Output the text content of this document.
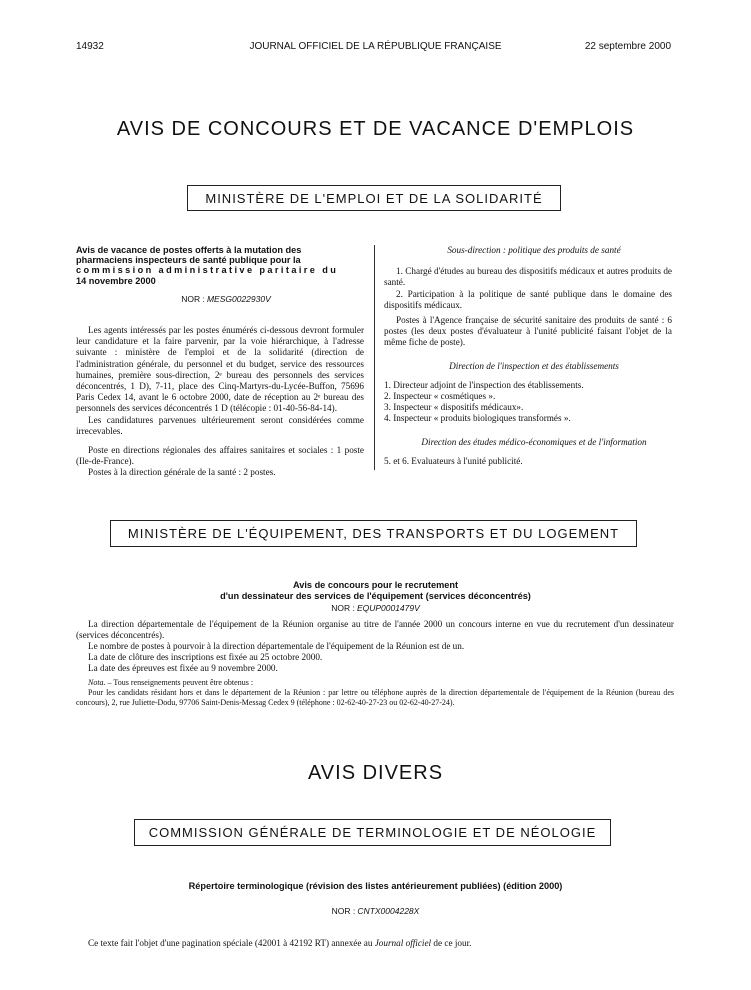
14932	JOURNAL OFFICIEL DE LA RÉPUBLIQUE FRANÇAISE	22 septembre 2000
AVIS DE CONCOURS ET DE VACANCE D'EMPLOIS
MINISTÈRE DE L'EMPLOI ET DE LA SOLIDARITÉ

Avis de vacance de postes offerts à la mutation des

pharmaciens inspecteurs de santé publique pour la

commission administrative paritaire du

14 novembre 2000

NOR : MESG0022930V

Les agents intéressés par les postes énumérés ci-dessous devront formuler leur candidature et la faire parvenir, par la voie hiérarchique, à l'adresse suivante : ministère de l'emploi et de la solidarité (direction de l'administration générale, du personnel et du budget, service des ressources humaines, première sous-direction, 2ᵉ bureau des personnels des services déconcentrés, 1 D), 7-11, place des Cinq-Martyrs-du-Lycée-Buffon, 75696 Paris Cedex 14, avant le 6 octobre 2000, date de réception au 2ᵉ bureau des personnels des services déconcentrés 1 D (télécopie : 01-40-56-84-14).

Les candidatures parvenues ultérieurement seront considérées comme irrecevables.

Poste en directions régionales des affaires sanitaires et sociales : 1 poste (Ile-de-France).

Postes à la direction générale de la santé : 2 postes.

Sous-direction : politique des produits de santé

1. Chargé d'études au bureau des dispositifs médicaux et autres produits de santé.

2. Participation à la politique de santé publique dans le domaine des dispositifs médicaux.

Postes à l'Agence française de sécurité sanitaire des produits de santé : 6 postes (les deux postes d'évaluateur à l'unité publicité faisant l'objet de la même fiche de poste).

Direction de l'inspection et des établissements

1. Directeur adjoint de l'inspection des établissements.

2. Inspecteur « cosmétiques ».

3. Inspecteur « dispositifs médicaux».

4. Inspecteur « produits biologiques transformés ».

Direction des études médico-économiques et de l'information

5. et 6. Evaluateurs à l'unité publicité.

MINISTÈRE DE L'ÉQUIPEMENT, DES TRANSPORTS ET DU LOGEMENT
Avis de concours pour le recrutement
d'un dessinateur des services de l'équipement (services déconcentrés)
NOR : EQUP0001479V

La direction départementale de l'équipement de la Réunion organise au titre de l'année 2000 un concours interne en vue du recrutement d'un dessinateur (services déconcentrés).

Le nombre de postes à pourvoir à la direction départementale de l'équipement de la Réunion est de un.

La date de clôture des inscriptions est fixée au 25 octobre 2000.

La date des épreuves est fixée au 9 novembre 2000.

Nota. – Tous renseignements peuvent être obtenus :

Pour les candidats résidant hors et dans le département de la Réunion : par lettre ou téléphone auprès de la direction départementale de l'équipement de la Réunion (bureau des concours), 2, rue Juliette-Dodu, 97706 Saint-Denis-Messag Cedex 9 (téléphone : 02-62-40-27-23 ou 02-62-40-27-24).

AVIS DIVERS
COMMISSION GÉNÉRALE DE TERMINOLOGIE ET DE NÉOLOGIE
Répertoire terminologique (révision des listes antérieurement publiées) (édition 2000)
NOR : CNTX0004228X
Ce texte fait l'objet d'une pagination spéciale (42001 à 42192 RT) annexée au Journal officiel de ce jour.
